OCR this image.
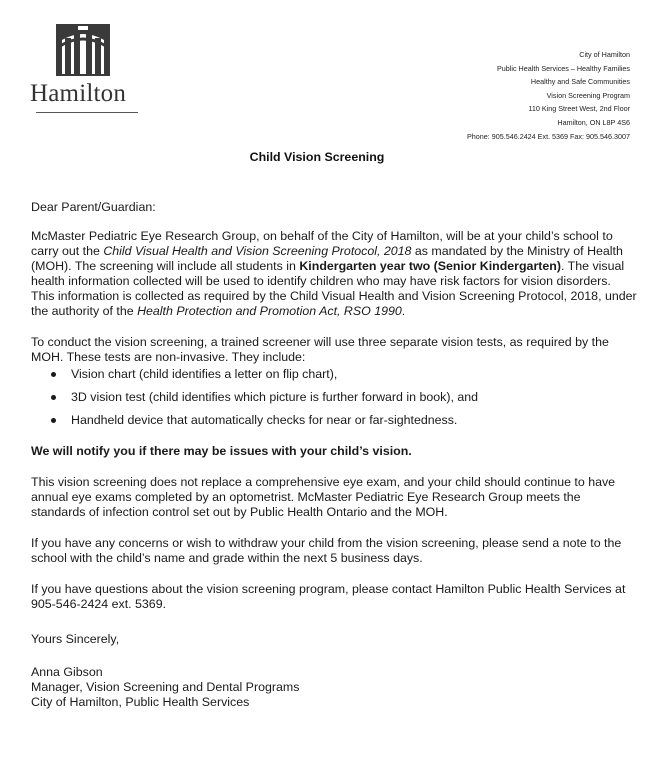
Hamilton
City of Hamilton
Public Health Services – Healthy Families
Healthy and Safe Communities
Vision Screening Program
110 King Street West, 2nd Floor
Hamilton, ON L8P 4S6
Phone: 905.546.2424 Ext. 5369 Fax: 905.546.3007
Child Vision Screening

Dear Parent/Guardian:

McMaster Pediatric Eye Research Group, on behalf of the City of Hamilton, will be at your child’s school to carry out the Child Visual Health and Vision Screening Protocol, 2018 as mandated by the Ministry of Health (MOH). The screening will include all students in Kindergarten year two (Senior Kindergarten). The visual health information collected will be used to identify children who may have risk factors for vision disorders. This information is collected as required by the Child Visual Health and Vision Screening Protocol, 2018, under the authority of the Health Protection and Promotion Act, RSO 1990.

To conduct the vision screening, a trained screener will use three separate vision tests, as required by the MOH. These tests are non-invasive. They include:

Vision chart (child identifies a letter on flip chart),
3D vision test (child identifies which picture is further forward in book), and
Handheld device that automatically checks for near or far-sightedness.

We will notify you if there may be issues with your child’s vision.

This vision screening does not replace a comprehensive eye exam, and your child should continue to have annual eye exams completed by an optometrist. McMaster Pediatric Eye Research Group meets the standards of infection control set out by Public Health Ontario and the MOH.

If you have any concerns or wish to withdraw your child from the vision screening, please send a note to the school with the child’s name and grade within the next 5 business days.

If you have questions about the vision screening program, please contact Hamilton Public Health Services at 905-546-2424 ext. 5369.

Yours Sincerely,

Anna Gibson
Manager, Vision Screening and Dental Programs
City of Hamilton, Public Health Services
